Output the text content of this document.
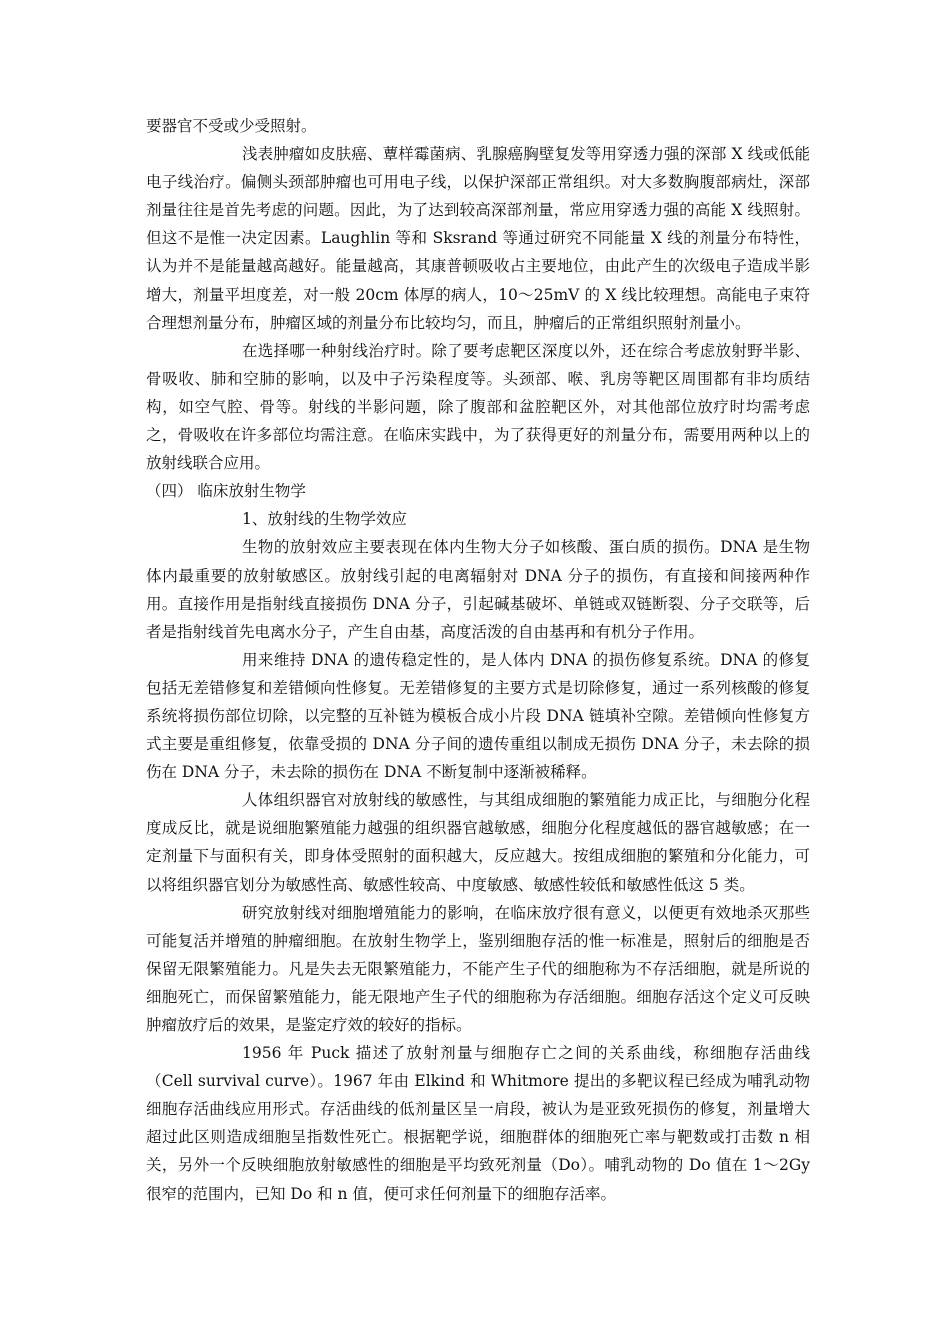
要器官不受或少受照射。

浅表肿瘤如皮肤癌、蕈样霉菌病、乳腺癌胸壁复发等用穿透力强的深部 X 线或低能电子线治疗。偏侧头颈部肿瘤也可用电子线，以保护深部正常组织。对大多数胸腹部病灶，深部剂量往往是首先考虑的问题。因此，为了达到较高深部剂量，常应用穿透力强的高能 X 线照射。但这不是惟一决定因素。Laughlin 等和 Sksrand 等通过研究不同能量 X 线的剂量分布特性，认为并不是能量越高越好。能量越高，其康普顿吸收占主要地位，由此产生的次级电子造成半影增大，剂量平坦度差，对一般 20cm 体厚的病人，10～25mV 的 X 线比较理想。高能电子束符合理想剂量分布，肿瘤区域的剂量分布比较均匀，而且，肿瘤后的正常组织照射剂量小。

在选择哪一种射线治疗时。除了要考虑靶区深度以外，还在综合考虑放射野半影、骨吸收、肺和空肺的影响，以及中子污染程度等。头颈部、喉、乳房等靶区周围都有非均质结构，如空气腔、骨等。射线的半影问题，除了腹部和盆腔靶区外，对其他部位放疗时均需考虑之，骨吸收在许多部位均需注意。在临床实践中，为了获得更好的剂量分布，需要用两种以上的放射线联合应用。

（四） 临床放射生物学

1、放射线的生物学效应

生物的放射效应主要表现在体内生物大分子如核酸、蛋白质的损伤。DNA 是生物体内最重要的放射敏感区。放射线引起的电离辐射对 DNA 分子的损伤，有直接和间接两种作用。直接作用是指射线直接损伤 DNA 分子，引起碱基破坏、单链或双链断裂、分子交联等，后者是指射线首先电离水分子，产生自由基，高度活泼的自由基再和有机分子作用。

用来维持 DNA 的遗传稳定性的，是人体内 DNA 的损伤修复系统。DNA 的修复包括无差错修复和差错倾向性修复。无差错修复的主要方式是切除修复，通过一系列核酸的修复系统将损伤部位切除，以完整的互补链为模板合成小片段 DNA 链填补空隙。差错倾向性修复方式主要是重组修复，依靠受损的 DNA 分子间的遗传重组以制成无损伤 DNA 分子，未去除的损伤在 DNA 分子，未去除的损伤在 DNA 不断复制中逐渐被稀释。

人体组织器官对放射线的敏感性，与其组成细胞的繁殖能力成正比，与细胞分化程度成反比，就是说细胞繁殖能力越强的组织器官越敏感，细胞分化程度越低的器官越敏感；在一定剂量下与面积有关，即身体受照射的面积越大，反应越大。按组成细胞的繁殖和分化能力，可以将组织器官划分为敏感性高、敏感性较高、中度敏感、敏感性较低和敏感性低这 5 类。

研究放射线对细胞增殖能力的影响，在临床放疗很有意义，以便更有效地杀灭那些可能复活并增殖的肿瘤细胞。在放射生物学上，鉴别细胞存活的惟一标准是，照射后的细胞是否保留无限繁殖能力。凡是失去无限繁殖能力，不能产生子代的细胞称为不存活细胞，就是所说的细胞死亡，而保留繁殖能力，能无限地产生子代的细胞称为存活细胞。细胞存活这个定义可反映肿瘤放疗后的效果，是鉴定疗效的较好的指标。

1956 年 Puck 描述了放射剂量与细胞存亡之间的关系曲线，称细胞存活曲线（Cell survival curve）。1967 年由 Elkind 和 Whitmore 提出的多靶议程已经成为哺乳动物细胞存活曲线应用形式。存活曲线的低剂量区呈一肩段，被认为是亚致死损伤的修复，剂量增大超过此区则造成细胞呈指数性死亡。根据靶学说，细胞群体的细胞死亡率与靶数或打击数 n 相关，另外一个反映细胞放射敏感性的细胞是平均致死剂量（Do）。哺乳动物的 Do 值在 1～2Gy 很窄的范围内，已知 Do 和 n 值，便可求任何剂量下的细胞存活率。
